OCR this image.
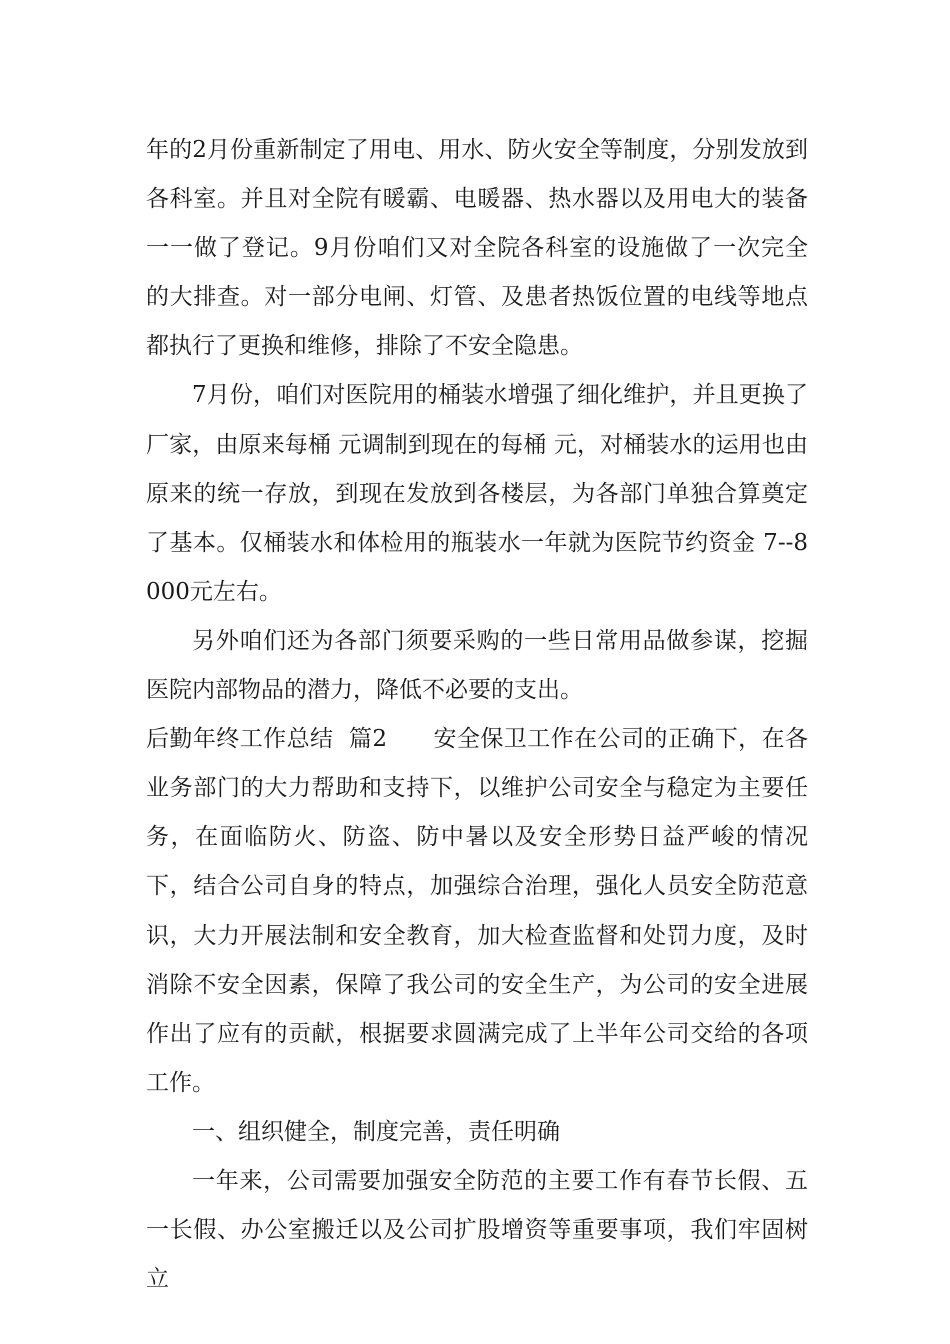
年的2月份重新制定了用电、用水、防火安全等制度，分别发放到各科室。并且对全院有暖霸、电暖器、热水器以及用电大的装备一一做了登记。9月份咱们又对全院各科室的设施做了一次完全 的大排查。对一部分电闸、灯管、及患者热饭位置的电线等地点都执行了更换和维修，排除了不安全隐患。

7月份，咱们对医院用的桶装水增强了细化维护，并且更换了厂家，由原来每桶 元调制到现在的每桶 元，对桶装水的运用也由原来的统一存放，到现在发放到各楼层，为各部门单独合算奠定了基本。仅桶装水和体检用的瓶装水一年就为医院节约资金 7--8000元左右。

另外咱们还为各部门须要采购的一些日常用品做参谋，挖掘医院内部物品的潜力，降低不必要的支出。

后勤年终工作总结  篇2      安全保卫工作在公司的正确下，在各业务部门的大力帮助和支持下，以维护公司安全与稳定为主要任务，在面临防火、防盗、防中暑以及安全形势日益严峻的情况下，结合公司自身的特点，加强综合治理，强化人员安全防范意识，大力开展法制和安全教育，加大检查监督和处罚力度，及时消除不安全因素，保障了我公司的安全生产，为公司的安全进展作出了应有的贡献，根据要求圆满完成了上半年公司交给的各项工作。

一、组织健全，制度完善，责任明确

一年来，公司需要加强安全防范的主要工作有春节长假、五一长假、办公室搬迁以及公司扩股增资等重要事项，我们牢固树立
